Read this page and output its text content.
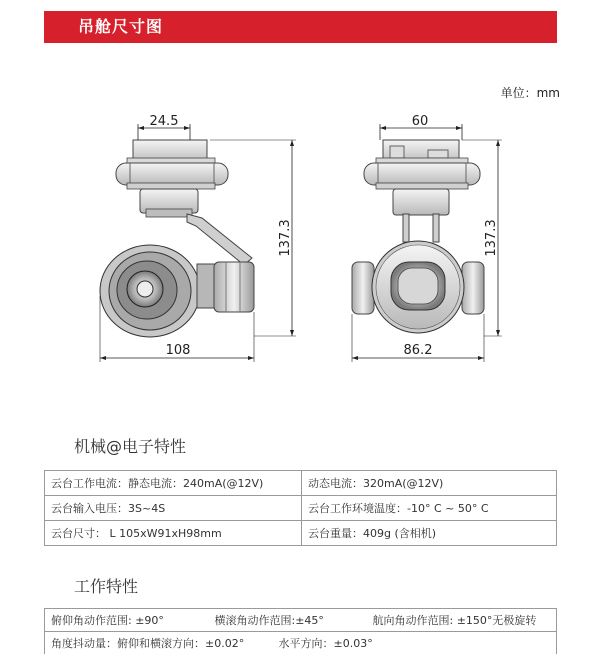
吊舱尺寸图
单位：mm
24.5
137.3
108
60
137.3
86.2
机械@电子特性
云台工作电流：静态电流：240mA(@12V)	动态电流：320mA(@12V)
云台输入电压：3S~4S	云台工作环境温度：-10° C ~ 50° C
云台尺寸： L 105xW91xH98mm	云台重量：409g (含相机)
工作特性
俯仰角动作范围: ±90°	横滚角动作范围:±45°	航向角动作范围: ±150°无极旋转
角度抖动量：俯仰和横滚方向：±0.02°	水平方向：±0.03°	
